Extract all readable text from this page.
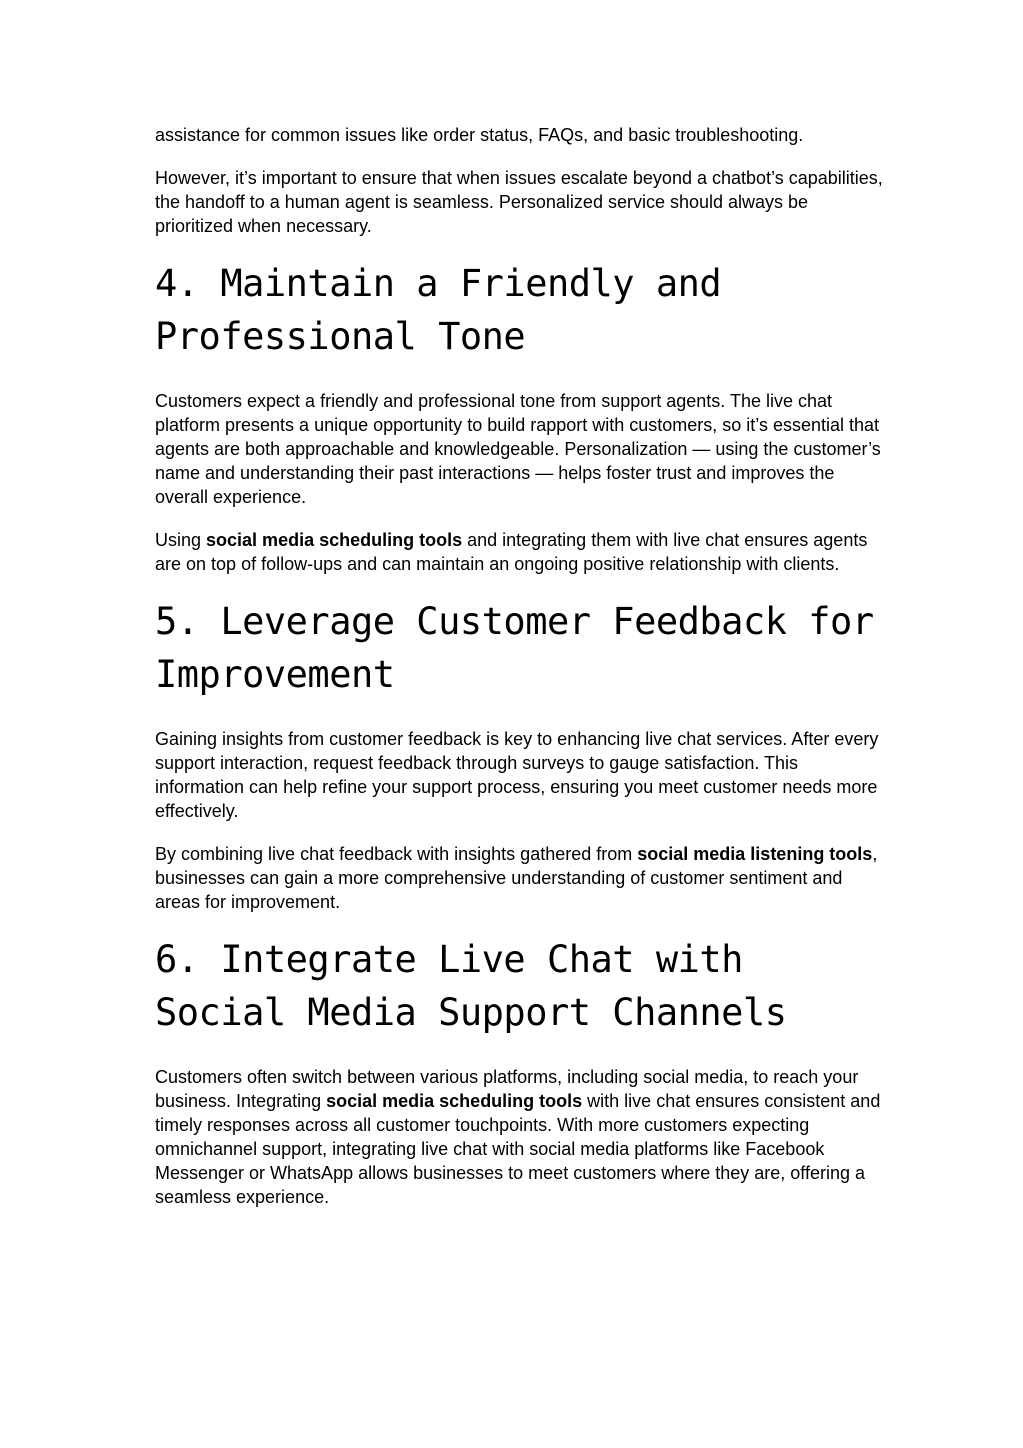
assistance for common issues like order status, FAQs, and basic troubleshooting.

However, it’s important to ensure that when issues escalate beyond a chatbot’s capabilities, the handoff to a human agent is seamless. Personalized service should always be prioritized when necessary.

4. Maintain a Friendly and Professional Tone

Customers expect a friendly and professional tone from support agents. The live chat platform presents a unique opportunity to build rapport with customers, so it’s essential that agents are both approachable and knowledgeable. Personalization — using the customer’s name and understanding their past interactions — helps foster trust and improves the overall experience.

Using social media scheduling tools and integrating them with live chat ensures agents are on top of follow-ups and can maintain an ongoing positive relationship with clients.

5. Leverage Customer Feedback for Improvement

Gaining insights from customer feedback is key to enhancing live chat services. After every support interaction, request feedback through surveys to gauge satisfaction. This information can help refine your support process, ensuring you meet customer needs more effectively.

By combining live chat feedback with insights gathered from social media listening tools, businesses can gain a more comprehensive understanding of customer sentiment and areas for improvement.

6. Integrate Live Chat with Social Media Support Channels

Customers often switch between various platforms, including social media, to reach your business. Integrating social media scheduling tools with live chat ensures consistent and timely responses across all customer touchpoints. With more customers expecting omnichannel support, integrating live chat with social media platforms like Facebook Messenger or WhatsApp allows businesses to meet customers where they are, offering a seamless experience.
